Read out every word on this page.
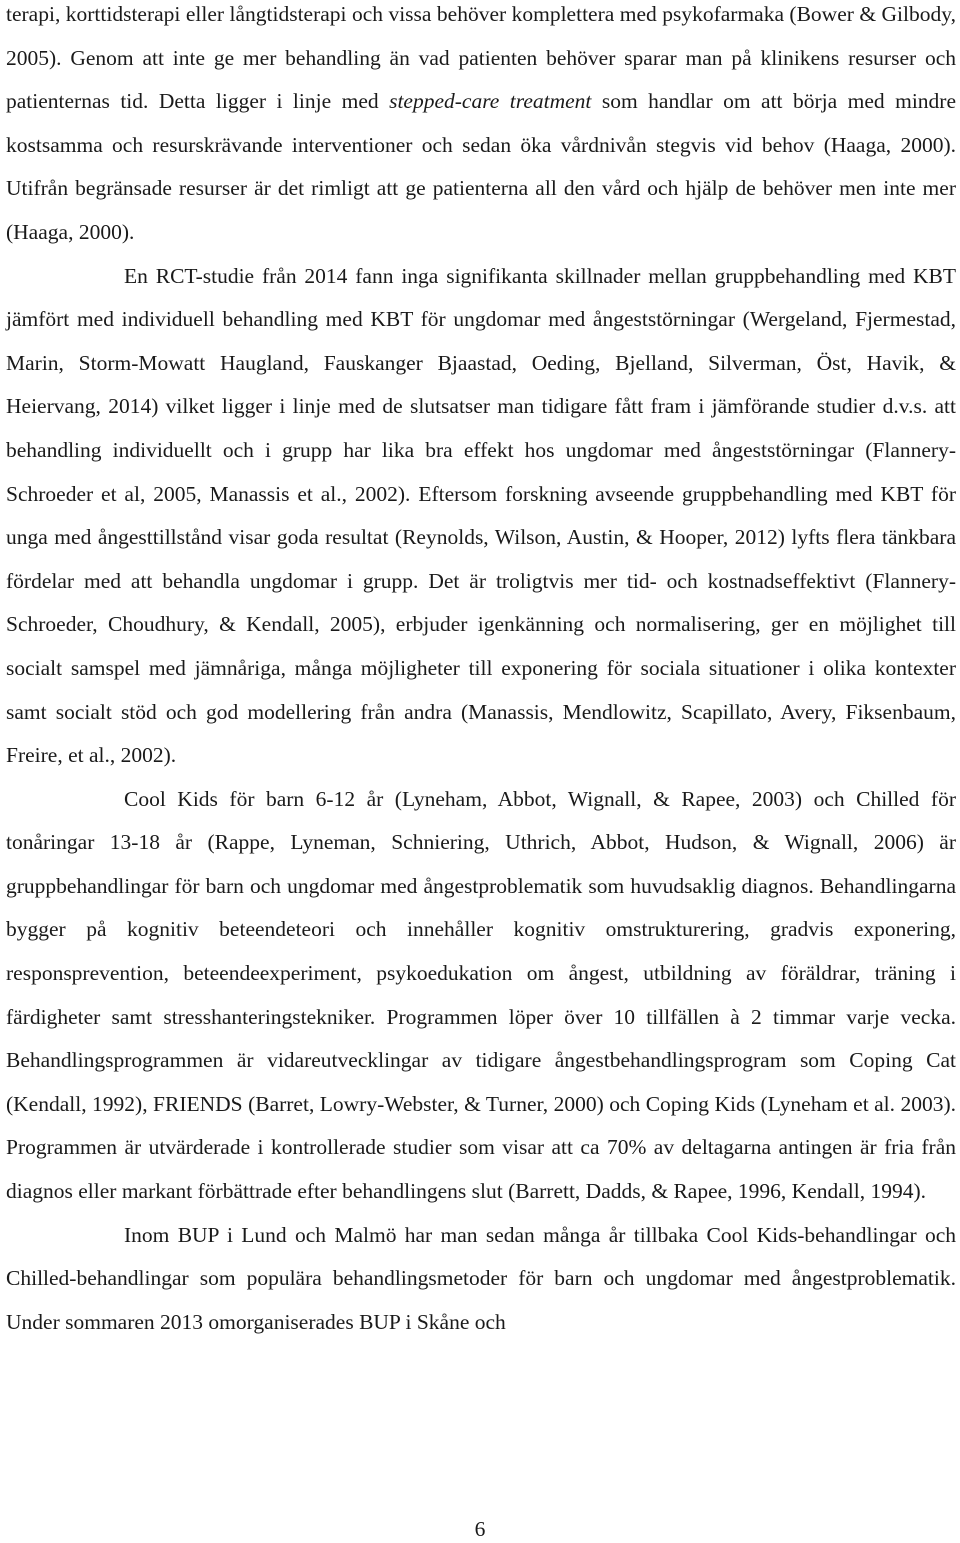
terapi, korttidsterapi eller långtidsterapi och vissa behöver komplettera med psykofarmaka (Bower & Gilbody, 2005). Genom att inte ge mer behandling än vad patienten behöver sparar man på klinikens resurser och patienternas tid. Detta ligger i linje med stepped-care treatment som handlar om att börja med mindre kostsamma och resurskrävande interventioner och sedan öka vårdnivån stegvis vid behov (Haaga, 2000). Utifrån begränsade resurser är det rimligt att ge patienterna all den vård och hjälp de behöver men inte mer (Haaga, 2000).

En RCT-studie från 2014 fann inga signifikanta skillnader mellan gruppbehandling med KBT jämfört med individuell behandling med KBT för ungdomar med ångeststörningar (Wergeland, Fjermestad, Marin, Storm-Mowatt Haugland, Fauskanger Bjaastad, Oeding, Bjelland, Silverman, Öst, Havik, & Heiervang, 2014) vilket ligger i linje med de slutsatser man tidigare fått fram i jämförande studier d.v.s. att behandling individuellt och i grupp har lika bra effekt hos ungdomar med ångeststörningar (Flannery-Schroeder et al, 2005, Manassis et al., 2002). Eftersom forskning avseende gruppbehandling med KBT för unga med ångesttillstånd visar goda resultat (Reynolds, Wilson, Austin, & Hooper, 2012) lyfts flera tänkbara fördelar med att behandla ungdomar i grupp. Det är troligtvis mer tid- och kostnadseffektivt (Flannery-Schroeder, Choudhury, & Kendall, 2005), erbjuder igenkänning och normalisering, ger en möjlighet till socialt samspel med jämnåriga, många möjligheter till exponering för sociala situationer i olika kontexter samt socialt stöd och god modellering från andra (Manassis, Mendlowitz, Scapillato, Avery, Fiksenbaum, Freire, et al., 2002).

Cool Kids för barn 6-12 år (Lyneham, Abbot, Wignall, & Rapee, 2003) och Chilled för tonåringar 13-18 år (Rappe, Lyneman, Schniering, Uthrich, Abbot, Hudson, & Wignall, 2006) är gruppbehandlingar för barn och ungdomar med ångestproblematik som huvudsaklig diagnos. Behandlingarna bygger på kognitiv beteendeteori och innehåller kognitiv omstrukturering, gradvis exponering, responsprevention, beteendeexperiment, psykoedukation om ångest, utbildning av föräldrar, träning i färdigheter samt stresshanteringstekniker. Programmen löper över 10 tillfällen à 2 timmar varje vecka. Behandlingsprogrammen är vidareutvecklingar av tidigare ångestbehandlingsprogram som Coping Cat (Kendall, 1992), FRIENDS (Barret, Lowry-Webster, & Turner, 2000) och Coping Kids (Lyneham et al. 2003). Programmen är utvärderade i kontrollerade studier som visar att ca 70% av deltagarna antingen är fria från diagnos eller markant förbättrade efter behandlingens slut (Barrett, Dadds, & Rapee, 1996, Kendall, 1994).

Inom BUP i Lund och Malmö har man sedan många år tillbaka Cool Kids-behandlingar och Chilled-behandlingar som populära behandlingsmetoder för barn och ungdomar med ångestproblematik. Under sommaren 2013 omorganiserades BUP i Skåne och

6
